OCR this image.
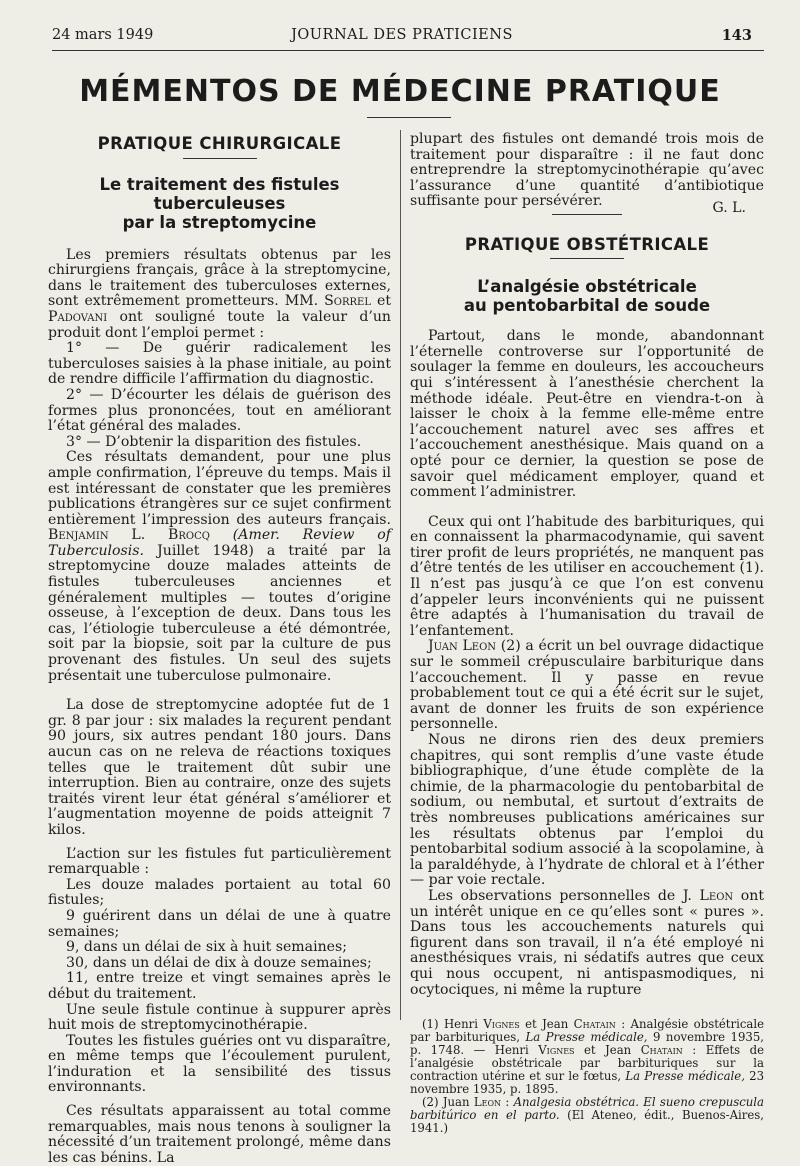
24 mars 1949	JOURNAL DES PRATICIENS	143
MÉMENTOS DE MÉDECINE PRATIQUE
PRATIQUE CHIRURGICALE
Le traitement des fistules tuberculeuses
par la streptomycine

Les premiers résultats obtenus par les chirurgiens français, grâce à la streptomycine, dans le traitement des tuberculoses externes, sont extrêmement prometteurs. MM. Sorrel et Padovani ont souligné toute la valeur d’un produit dont l’emploi permet :

1° — De guérir radicalement les tuberculoses saisies à la phase initiale, au point de rendre difficile l’affirmation du diagnostic.

2° — D’écourter les délais de guérison des formes plus prononcées, tout en améliorant l’état général des malades.

3° — D’obtenir la disparition des fistules.

Ces résultats demandent, pour une plus ample confirmation, l’épreuve du temps. Mais il est intéressant de constater que les premières publications étrangères sur ce sujet confirment entièrement l’impression des auteurs français. Benjamin L. Brocq (Amer. Review of Tuberculosis. Juillet 1948) a traité par la streptomycine douze malades atteints de fistules tuberculeuses anciennes et généralement multiples — toutes d’origine osseuse, à l’exception de deux. Dans tous les cas, l’étiologie tuberculeuse a été démontrée, soit par la biopsie, soit par la culture de pus provenant des fistules. Un seul des sujets présentait une tuberculose pulmonaire.

La dose de streptomycine adoptée fut de 1 gr. 8 par jour : six malades la reçurent pendant 90 jours, six autres pendant 180 jours. Dans aucun cas on ne releva de réactions toxiques telles que le traitement dût subir une interruption. Bien au contraire, onze des sujets traités virent leur état général s’améliorer et l’augmentation moyenne de poids atteignit 7 kilos.

L’action sur les fistules fut particulièrement remarquable :

Les douze malades portaient au total 60 fistules;

9 guérirent dans un délai de une à quatre semaines;

9, dans un délai de six à huit semaines;

30, dans un délai de dix à douze semaines;

11, entre treize et vingt semaines après le début du traitement.

Une seule fistule continue à suppurer après huit mois de streptomycinothérapie.

Toutes les fistules guéries ont vu disparaître, en même temps que l’écoulement purulent, l’induration et la sensibilité des tissus environnants.

Ces résultats apparaissent au total comme remarquables, mais nous tenons à souligner la nécessité d’un traitement prolongé, même dans les cas bénins. La

plupart des fistules ont demandé trois mois de traitement pour disparaître : il ne faut donc entreprendre la streptomycinothérapie qu’avec l’assurance d’une quantité d’antibiotique suffisante pour persévérer.	G. L.
PRATIQUE OBSTÉTRICALE
L’analgésie obstétricale
au pentobarbital de soude

Partout, dans le monde, abandonnant l’éternelle controverse sur l’opportunité de soulager la femme en douleurs, les accoucheurs qui s’intéressent à l’anesthésie cherchent la méthode idéale. Peut-être en viendra-t-on à laisser le choix à la femme elle-même entre l’accouchement naturel avec ses affres et l’accouchement anesthésique. Mais quand on a opté pour ce dernier, la question se pose de savoir quel médicament employer, quand et comment l’administrer.

Ceux qui ont l’habitude des barbituriques, qui en connaissent la pharmacodynamie, qui savent tirer profit de leurs propriétés, ne manquent pas d’être tentés de les utiliser en accouchement (1). Il n’est pas jusqu’à ce que l’on est convenu d’appeler leurs inconvénients qui ne puissent être adaptés à l’humanisation du travail de l’enfantement.

Juan Leon (2) a écrit un bel ouvrage didactique sur le sommeil crépusculaire barbiturique dans l’accouchement. Il y passe en revue probablement tout ce qui a été écrit sur le sujet, avant de donner les fruits de son expérience personnelle.

Nous ne dirons rien des deux premiers chapitres, qui sont remplis d’une vaste étude bibliographique, d’une étude complète de la chimie, de la pharmacologie du pentobarbital de sodium, ou nembutal, et surtout d’extraits de très nombreuses publications américaines sur les résultats obtenus par l’emploi du pentobarbital sodium associé à la scopolamine, à la paraldéhyde, à l’hydrate de chloral et à l’éther — par voie rectale.

Les observations personnelles de J. Leon ont un intérêt unique en ce qu’elles sont « pures ». Dans tous les accouchements naturels qui figurent dans son travail, il n’a été employé ni anesthésiques vrais, ni sédatifs autres que ceux qui nous occupent, ni antispasmodiques, ni ocytociques, ni même la rupture

(1) Henri Vignes et Jean Chatain : Analgésie obstétricale par barbituriques, La Presse médicale, 9 novembre 1935, p. 1748. — Henri Vignes et Jean Chatain : Effets de l’analgésie obstétricale par barbituriques sur la contraction utérine et sur le fœtus, La Presse médicale, 23 novembre 1935, p. 1895.

(2) Juan Leon : Analgesia obstétrica. El sueno crepuscula barbitúrico en el parto. (El Ateneo, édit., Buenos-Aires, 1941.)
